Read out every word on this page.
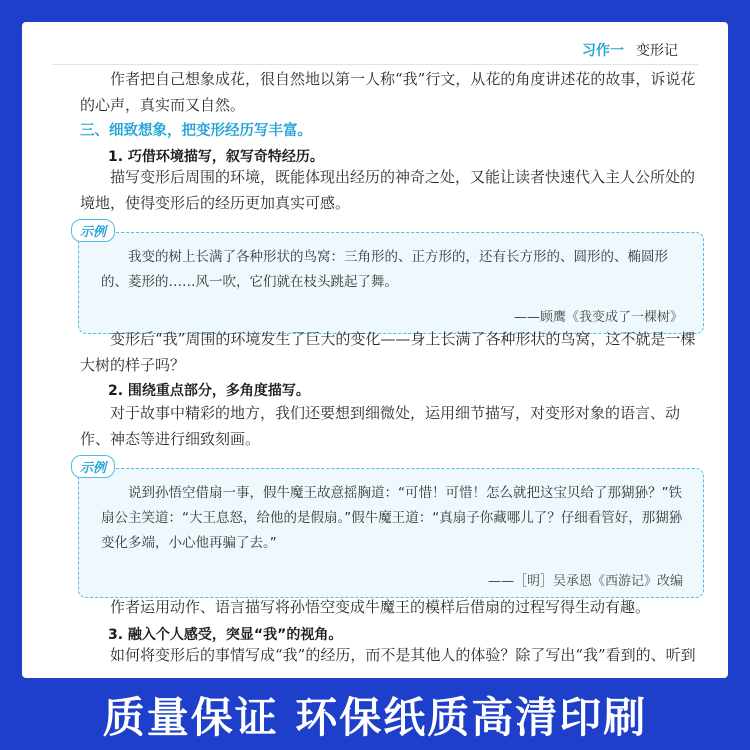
习作一 变形记

作者把自己想象成花，很自然地以第一人称“我”行文，从花的角度讲述花的故事，诉说花的心声，真实而又自然。

三、细致想象，把变形经历写丰富。
1. 巧借环境描写，叙写奇特经历。

描写变形后周围的环境，既能体现出经历的神奇之处，又能让读者快速代入主人公所处的境地，使得变形后的经历更加真实可感。

示例

我变的树上长满了各种形状的鸟窝：三角形的、正方形的，还有长方形的、圆形的、椭圆形的、菱形的……风一吹，它们就在枝头跳起了舞。

——顾鹰《我变成了一棵树》

变形后“我”周围的环境发生了巨大的变化——身上长满了各种形状的鸟窝，这不就是一棵大树的样子吗？

2. 围绕重点部分，多角度描写。

对于故事中精彩的地方，我们还要想到细微处，运用细节描写，对变形对象的语言、动作、神态等进行细致刻画。

示例

说到孙悟空借扇一事，假牛魔王故意摇胸道：“可惜！可惜！怎么就把这宝贝给了那猢狲？”铁扇公主笑道：“大王息怒，给他的是假扇。”假牛魔王道：“真扇子你藏哪儿了？仔细看管好，那猢狲变化多端，小心他再骗了去。”

——［明］吴承恩《西游记》改编

作者运用动作、语言描写将孙悟空变成牛魔王的模样后借扇的过程写得生动有趣。

3. 融入个人感受，突显“我”的视角。

如何将变形后的事情写成“我”的经历，而不是其他人的体验？除了写出“我”看到的、听到

质量保证 环保纸质高清印刷
